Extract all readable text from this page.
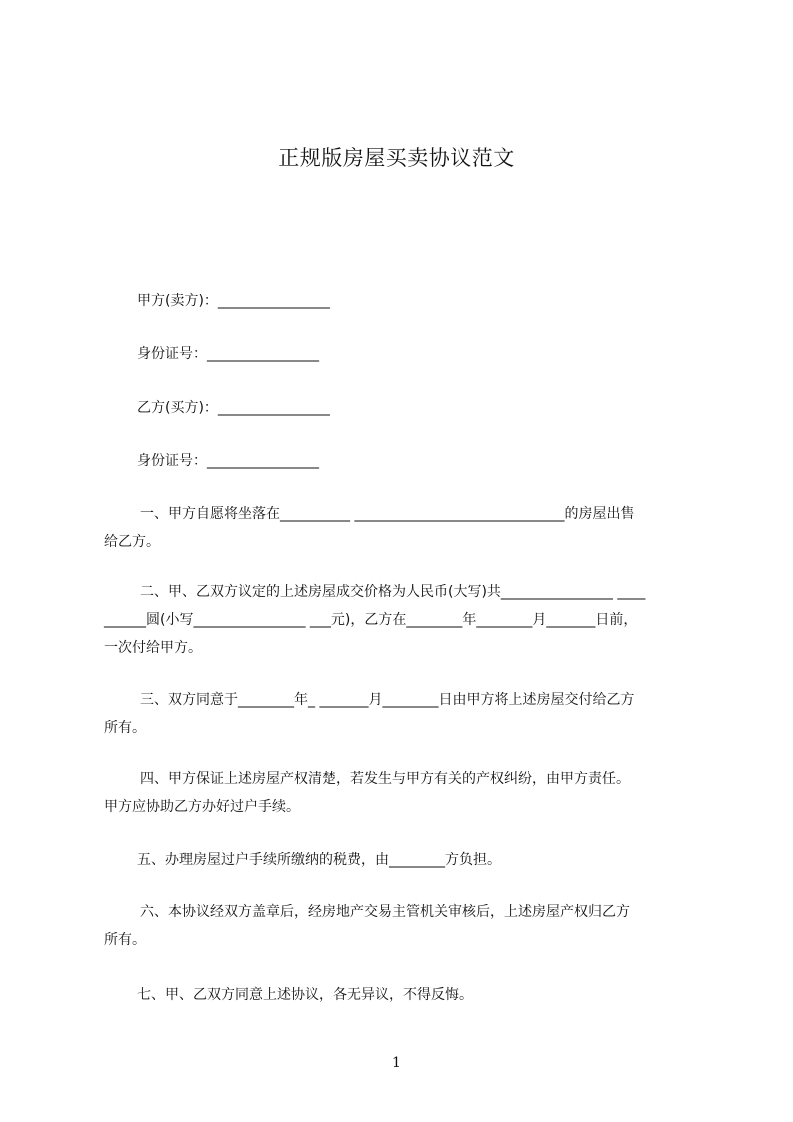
正规版房屋买卖协议范文
甲方(卖方)：________________
身份证号：________________
乙方(买方)：________________
身份证号：________________
一、甲方自愿将坐落在__________ ______________________________的房屋出售
给乙方。
二、甲、乙双方议定的上述房屋成交价格为人民币(大写)共________________ ____
______圆(小写________________ ___元)，乙方在________年________月_______日前，
一次付给甲方。
三、双方同意于________年_ _______月________日由甲方将上述房屋交付给乙方
所有。
四、甲方保证上述房屋产权清楚，若发生与甲方有关的产权纠纷，由甲方责任。
甲方应协助乙方办好过户手续。
五、办理房屋过户手续所缴纳的税费，由________方负担。
六、本协议经双方盖章后，经房地产交易主管机关审核后，上述房屋产权归乙方
所有。
七、甲、乙双方同意上述协议，各无异议，不得反悔。
1
